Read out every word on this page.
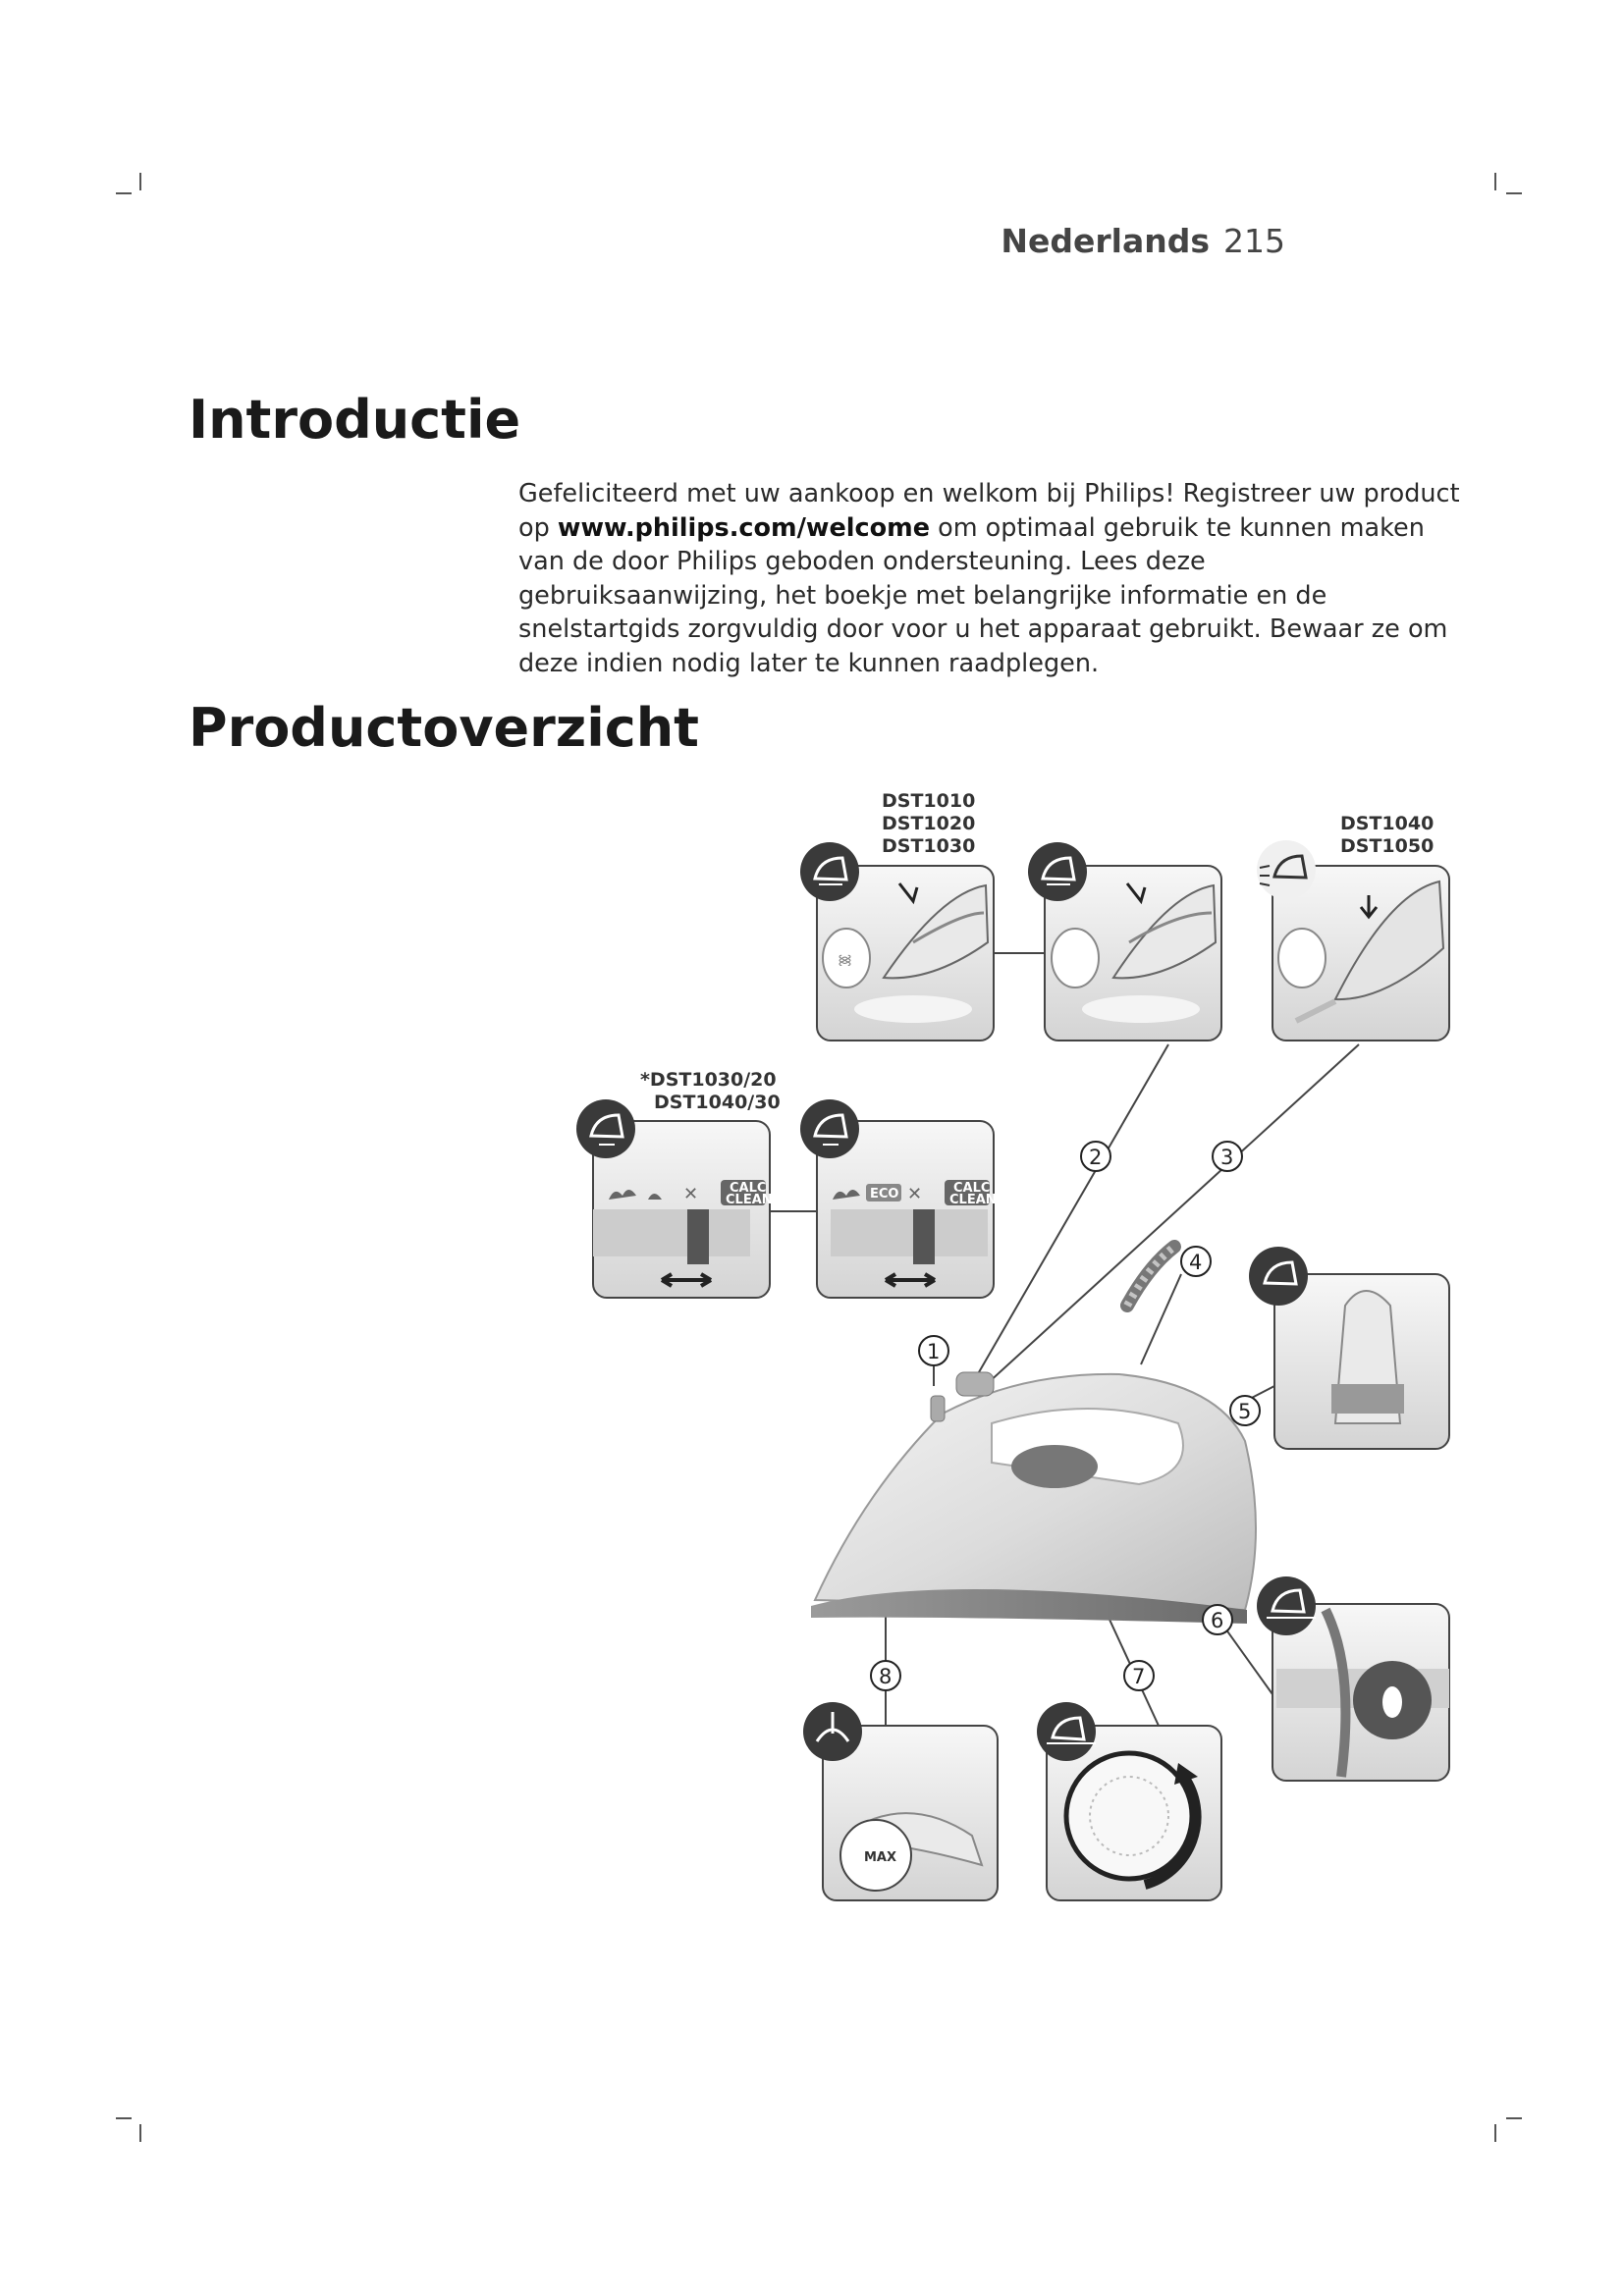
Nederlands 215
Introductie
Gefeliciteerd met uw aankoop en welkom bij Philips! Registreer uw product op www.philips.com/welcome om optimaal gebruik te kunnen maken van de door Philips geboden ondersteuning. Lees deze gebruiksaanwijzing, het boekje met belangrijke informatie en de snelstartgids zorgvuldig door voor u het apparaat gebruikt. Bewaar ze om deze indien nodig later te kunnen raadplegen.
Productoverzicht
DST1010
DST1020
DST1030
DST1040
DST1050
*DST1030/20
DST1040/30
᯼
✕ CALC
CLEAN	ECO ✕ CALC
CLEAN
MAX
1
2	3
4
5
6
7
8
